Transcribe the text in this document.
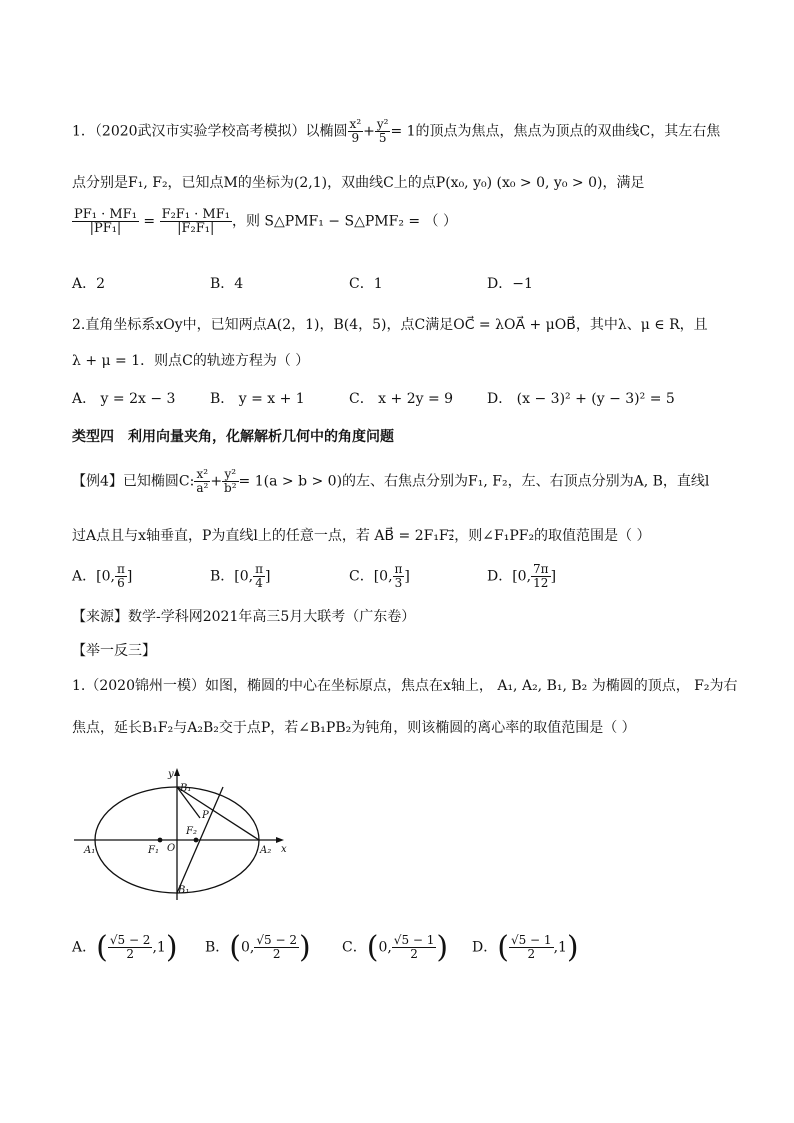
1．（2020武汉市实验学校高考模拟）以椭圆 $\frac{\text{x²}}{9} + \frac{\text{y²}}{5} = 1$的顶点为焦点，焦点为顶点的双曲线C，其左右焦
点分别是F₁, F₂，已知点M的坐标为(2,1)，双曲线C上的点P(x₀, y₀) (x₀ > 0, y₀ > 0)，满足
$\frac{\text{PF₁ · MF₁}}{\text{|PF₁|}} = \frac{\text{F₂F₁ · MF₁}}{\text{|F₂F₁|}}$ ，则 S△PMF₁ − S△PMF₂ = （ ）
A．2	B．4	C．1	D．−1
2.直角坐标系xOy中，已知两点A(2，1)，B(4，5)，点C满足OC⃗ = λOA⃗ + μOB⃗，其中λ、μ ∈ R，且
λ + μ = 1．则点C的轨迹方程为（ ）
A． y = 2x − 3 B． y = x + 1	C． x + 2y = 9 D． (x − 3)² + (y − 3)² = 5
类型四　利用向量夹角，化解解析几何中的角度问题
【例4】已知椭圆C: $\frac{\text{x²}}{\text{a²}} + \frac{\text{y²}}{\text{b²}} = 1(a > b > 0)$的左、右焦点分别为F₁, F₂，左、右顶点分别为A, B，直线l
过A点且与x轴垂直，P为直线l上的任意一点，若 AB⃗ = 2F₁F₂⃗，则∠F₁PF₂的取值范围是（ ）
A．[0, $\frac{\pi}{6}$ ]	B．[0, $\frac{\pi}{4}$ ]	C．[0, $\frac{\pi}{3}$ ]	D．[0, $\frac{7\pi}{12}$ ]
【来源】数学-学科网2021年高三5月大联考（广东卷）
【举一反三】
1.（2020锦州一模）如图，椭圆的中心在坐标原点，焦点在x轴上， A₁, A₂, B₁, B₂ 为椭圆的顶点， F₂为右
焦点，延长B₁F₂与A₂B₂交于点P，若∠B₁PB₂为钝角，则该椭圆的离心率的取值范围是（ ）
y
x
B₁
P
F₂
A₁	F₁ O	A₂
B₁
A．( $\frac{√5 - 2}{2} ,1$) B．(0, $\frac{√5 - 2}{2}$ ) C．(0, $\frac{√5 - 1}{2}$ ) D．( $\frac{√5 - 1}{2} ,1$)
